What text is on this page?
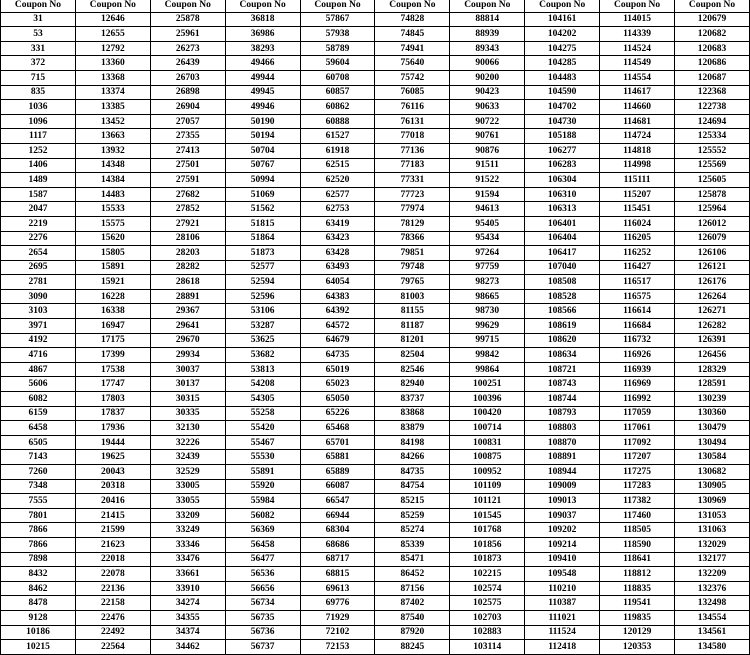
Coupon No	Coupon No	Coupon No	Coupon No	Coupon No	Coupon No	Coupon No	Coupon No	Coupon No	Coupon No
31	12646	25878	36818	57867	74828	88814	104161	114015	120679
53	12655	25961	36986	57938	74845	88939	104202	114339	120682
331	12792	26273	38293	58789	74941	89343	104275	114524	120683
372	13360	26439	49466	59604	75640	90066	104285	114549	120686
715	13368	26703	49944	60708	75742	90200	104483	114554	120687
835	13374	26898	49945	60857	76085	90423	104590	114617	122368
1036	13385	26904	49946	60862	76116	90633	104702	114660	122738
1096	13452	27057	50190	60888	76131	90722	104730	114681	124694
1117	13663	27355	50194	61527	77018	90761	105188	114724	125334
1252	13932	27413	50704	61918	77136	90876	106277	114818	125552
1406	14348	27501	50767	62515	77183	91511	106283	114998	125569
1489	14384	27591	50994	62520	77331	91522	106304	115111	125605
1587	14483	27682	51069	62577	77723	91594	106310	115207	125878
2047	15533	27852	51562	62753	77974	94613	106313	115451	125964
2219	15575	27921	51815	63419	78129	95405	106401	116024	126012
2276	15620	28106	51864	63423	78366	95434	106404	116205	126079
2654	15805	28203	51873	63428	79851	97264	106417	116252	126106
2695	15891	28282	52577	63493	79748	97759	107040	116427	126121
2781	15921	28618	52594	64054	79765	98273	108508	116517	126176
3090	16228	28891	52596	64383	81003	98665	108528	116575	126264
3103	16338	29367	53106	64392	81155	98730	108566	116614	126271
3971	16947	29641	53287	64572	81187	99629	108619	116684	126282
4192	17175	29670	53625	64679	81201	99715	108620	116732	126391
4716	17399	29934	53682	64735	82504	99842	108634	116926	126456
4867	17538	30037	53813	65019	82546	99864	108721	116939	128329
5606	17747	30137	54208	65023	82940	100251	108743	116969	128591
6082	17803	30315	54305	65050	83737	100396	108744	116992	130239
6159	17837	30335	55258	65226	83868	100420	108793	117059	130360
6458	17936	32130	55420	65468	83879	100714	108803	117061	130479
6505	19444	32226	55467	65701	84198	100831	108870	117092	130494
7143	19625	32439	55530	65881	84266	100875	108891	117207	130584
7260	20043	32529	55891	65889	84735	100952	108944	117275	130682
7348	20318	33005	55920	66087	84754	101109	109009	117283	130905
7555	20416	33055	55984	66547	85215	101121	109013	117382	130969
7801	21415	33209	56082	66944	85259	101545	109037	117460	131053
7866	21599	33249	56369	68304	85274	101768	109202	118505	131063
7866	21623	33346	56458	68686	85339	101856	109214	118590	132029
7898	22018	33476	56477	68717	85471	101873	109410	118641	132177
8432	22078	33661	56536	68815	86452	102215	109548	118812	132209
8462	22136	33910	56656	69613	87156	102574	110210	118835	132376
8478	22158	34274	56734	69776	87402	102575	110387	119541	132498
9128	22476	34355	56735	71929	87540	102703	111021	119835	134554
10186	22492	34374	56736	72102	87920	102883	111524	120129	134561
10215	22564	34462	56737	72153	88245	103114	112418	120353	134580
